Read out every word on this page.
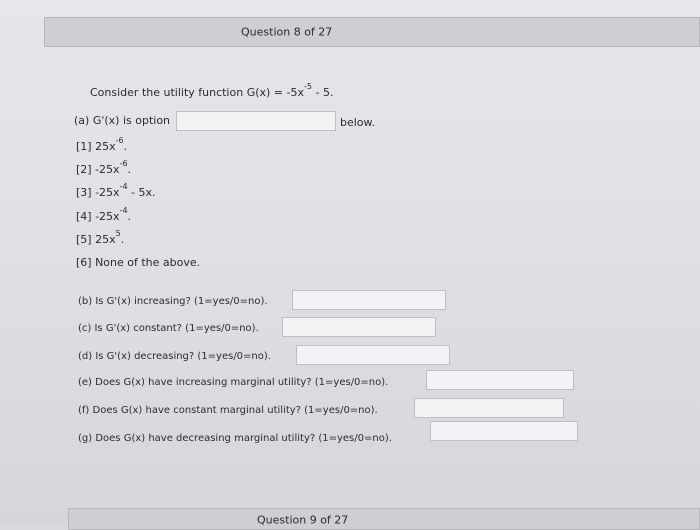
Question 8 of 27
Consider the utility function $G(x) = -5x^{-5} - 5$.
(a) G'(x) is option	below.
[1] $25x^{-6}$.
[2] $-25x^{-6}$.
[3] $-25x^{-4} - 5x$.
[4] $-25x^{-4}$.
[5] $25x^5$.
[6] None of the above.
(b) Is G'(x) increasing? (1=yes/0=no).
(c) Is G'(x) constant? (1=yes/0=no).
(d) Is G'(x) decreasing? (1=yes/0=no).
(e) Does G(x) have increasing marginal utility? (1=yes/0=no).
(f) Does G(x) have constant marginal utility? (1=yes/0=no).
(g) Does G(x) have decreasing marginal utility? (1=yes/0=no).
Question 9 of 27
